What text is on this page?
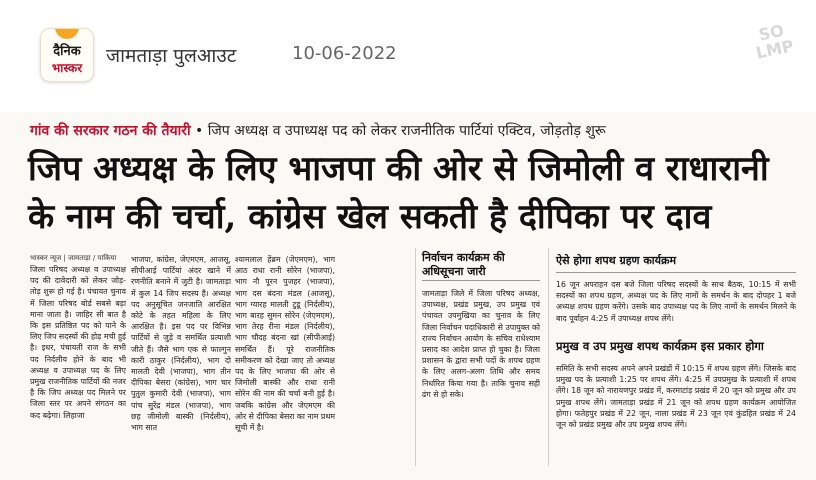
दैनिक
भास्कर
जामताड़ा पुलआउट	10-06-2022
SO LMP
गांव की सरकार गठन की तैयारी • जिप अध्यक्ष व उपाध्यक्ष पद को लेकर राजनीतिक पार्टियां एक्टिव, जोड़तोड़ शुरू
जिप अध्यक्ष के लिए भाजपा की ओर से जिमोली व राधारानी
के नाम की चर्चा, कांग्रेस खेल सकती है दीपिका पर दाव
भास्कर न्यूज | जामताड़ा / पाकिया
जिला परिषद अध्यक्ष व उपाध्यक्ष पद की दावेदारी को लेकर जोड़-तोड़ शुरू हो गई है। पंचायत चुनाव में जिला परिषद बोर्ड सबसे बड़ा माना जाता है। जाहिर सी बात है कि इस प्रतिष्ठित पद को पाने के लिए जिप सदस्यों की होड़ मची हुई है। इधर, पंचायती राज के सभी पद निर्दलीय होने के बाद भी अध्यक्ष व उपाध्यक्ष पद के लिए प्रमुख राजनीतिक पार्टियों की नजर है कि जिप अध्यक्ष पद मिलने पर जिला स्तर पर अपने संगठन का कद बढ़ेगा। लिहाजा
भाजपा, कांग्रेस, जेएमएम, आजसू, सीपीआई पार्टियां अंदर खाने में रणनीति बनाने में जुटी है। जामताड़ा में कुल 14 जिप सदस्य है। अध्यक्ष पद अनुसूचित जनजाति आरक्षित कोटे के तहत महिला के लिए आरक्षित है। इस पद पर विभिन्न पार्टियों से जुड़े व समर्थित प्रत्याशी जीते हैं। जैसे भाग एक से फाल्गुन कारी ठाकुर (निर्दलीय), भाग दो मालती देवी (भाजपा), भाग तीन दीपिका बेसरा (कांग्रेस), भाग चार पुतुल कुमारी देवी (भाजपा), भाग पांच सुरेंद्र मंडल (भाजपा), भाग छह जीमोली बास्की (निर्दलीय), भाग सात
श्यामलाल हेंब्रम (जेएमएम), भाग आठ राधा रानी सोरेन (भाजपा), भाग नौ पूरन पुजहर (भाजपा), भाग दस बंदना मंडल (आजसू), भाग ग्यारह मालती टुडू (निर्दलीय), भाग बारह सुमन सोरेन (जेएमएम), भाग तेरह रीना मंडल (निर्दलीय), भाग चौदह बंदना खां (सीपीआई) समर्थित हैं। पूरे राजनीतिक समीकरण को देखा जाए तो अध्यक्ष पद के लिए भाजपा की ओर से जिमोली बास्की और राधा रानी सोरेन की नाम की चर्चा बनी हुई है। जबकि कांग्रेस और जेएमएम की ओर से दीपिका बेसरा का नाम प्रथम सूची में है।
निर्वाचन कार्यक्रम की अधिसूचना जारी
जामताड़ा जिले में जिला परिषद अध्यक्ष, उपाध्यक्ष, प्रखंड प्रमुख, उप प्रमुख एवं पंचायत उपमुखिया का चुनाव के लिए जिला निर्वाचन पदाधिकारी से उपायुक्त को राज्य निर्वाचन आयोग के सचिव राधेश्याम प्रसाद का आदेश प्राप्त हो चुका है। जिला प्रशासन के द्वारा सभी पदों के शपथ ग्रहण के लिए अलग-अलग तिथि और समय निर्धारित किया गया है। ताकि चुनाव सही ढंग से हो सके।
ऐसे होगा शपथ ग्रहण कार्यक्रम
16 जून अपराहन दस बजे जिला परिषद सदस्यों के साथ बैठक, 10:15 में सभी सदस्यों का शपथ ग्रहण, अध्यक्ष पद के लिए नामों के समर्थन के बाद दोपहर 1 बजे अध्यक्ष शपथ ग्रहण करेंगे। उसके बाद उपाध्यक्ष पद के लिए नामों के समर्थन मिलने के बाद पूर्वाहन 4:25 में उपाध्यक्ष शपथ लेंगे।
प्रमुख व उप प्रमुख शपथ कार्यक्रम इस प्रकार होगा
समिति के सभी सदस्य अपने अपने प्रखंडों में 10:15 में शपथ ग्रहण लेंगे। जिसके बाद प्रमुख पद के प्रत्याशी 1:25 पर शपथ लेंगे। 4:25 में उपप्रमुख के प्रत्याशी में शपथ लेंगे। 18 जून को नारायणपुर प्रखंड में, करमाटांड़ प्रखंड में 20 जून को प्रमुख और उप प्रमुख शपथ लेंगे। जामताड़ा प्रखंड में 21 जून को शपथ ग्रहण कार्यक्रम आयोजित होगा। फतेहपुर प्रखंड में 22 जून, नाला प्रखंड में 23 जून एवं कुंडहित प्रखंड में 24 जून को प्रखंड प्रमुख और उप प्रमुख शपथ लेंगे।
